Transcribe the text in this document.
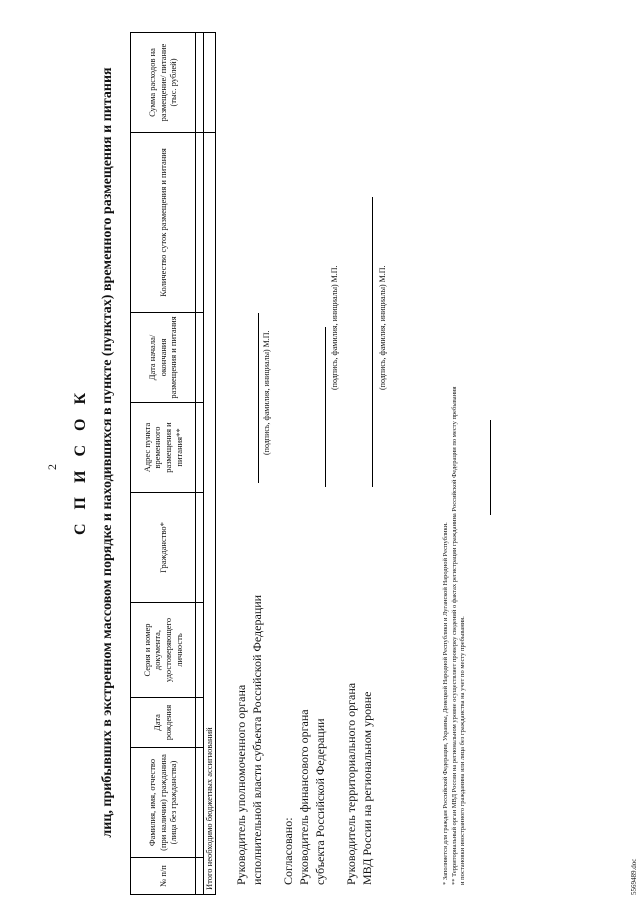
2 С П И С О К лиц, прибывших в экстренном массовом порядке и находившихся в пункте (пунктах) временного размещения и питания
№ п/п	Фамилия, имя, отчество (при наличии) гражданина (лица без гражданства)	Дата рождения	Серия и номер документа, удостоверяющего личность	Гражданство*	Адрес пункта временного размещения и питания**	Дата начала/ окончания размещения и питания	Количество суток размещения и питания	Сумма расходов на размещение/ питание (тыс. рублей)

Итого необходимо бюджетных ассигнований								Руководитель уполномоченного органа исполнительной власти субъекта Российской Федерации
(подпись, фамилия, инициалы) М.П.
Согласовано: Руководитель финансового органа субъекта Российской Федерации
(подпись, фамилия, инициалы) М.П.
Руководитель территориального органа МВД России на региональном уровне
(подпись, фамилия, инициалы) М.П.
* Заполняется для граждан Российской Федерации, Украины, Донецкой Народной Республики и Луганской Народной Республики. ** Территориальный орган МВД России на региональном уровне осуществляет проверку сведений о фактах регистрации гражданина Российской Федерации по месту пребывания и постановки иностранного гражданина или лица без гражданства на учет по месту пребывания.	5569489.doc
